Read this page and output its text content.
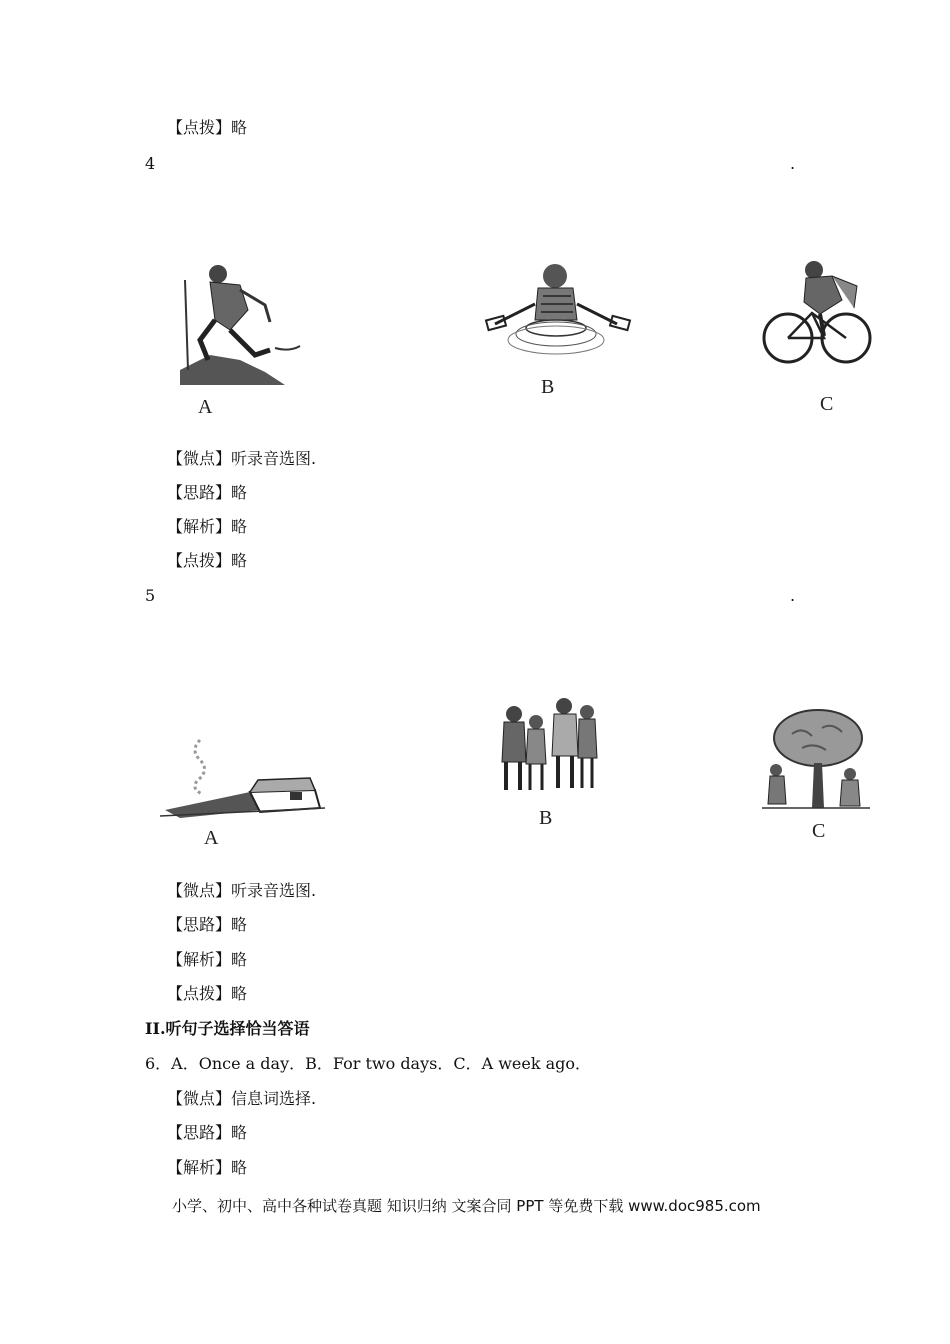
【点拨】略
4	.
A
B
C
【微点】听录音选图.
【思路】略
【解析】略
【点拨】略
5	.
A
B
C
【微点】听录音选图.
【思路】略
【解析】略
【点拨】略
II.听句子选择恰当答语
6．A．Once a day．B．For two days．C．A week ago．
【微点】信息词选择.
【思路】略
【解析】略
小学、初中、高中各种试卷真题 知识归纳 文案合同 PPT 等免费下载 www.doc985.com
